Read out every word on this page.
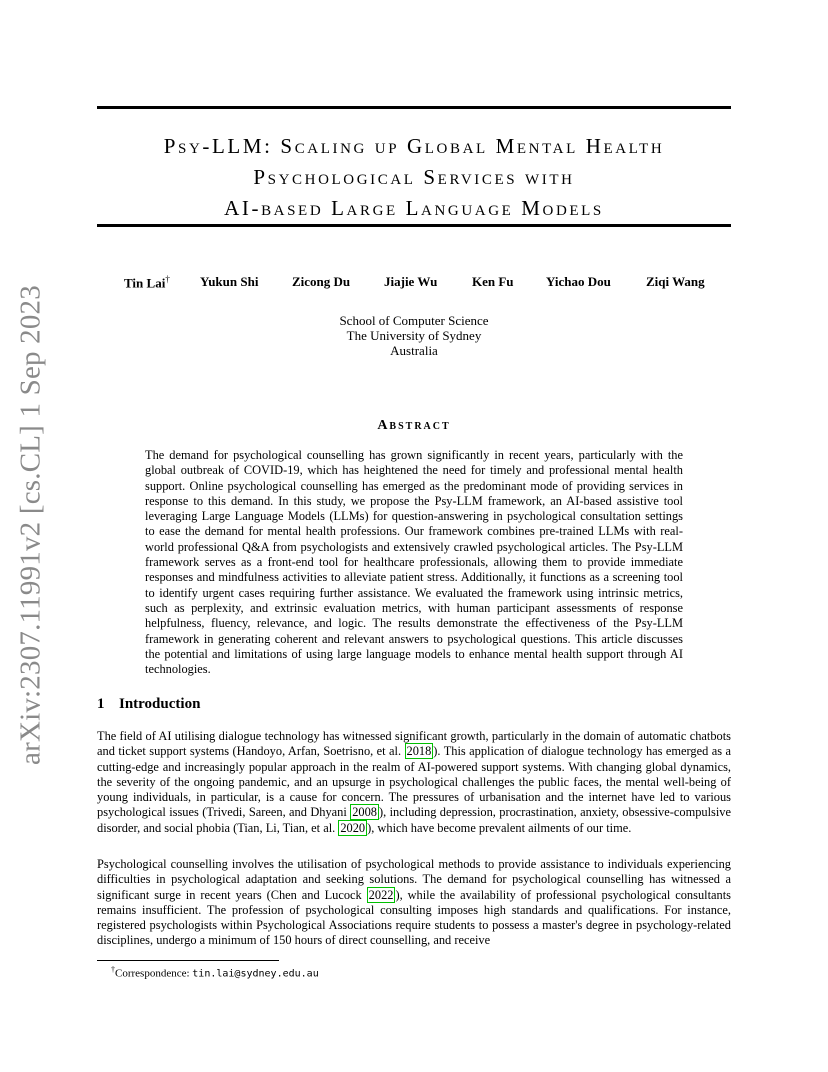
arXiv:2307.11991v2 [cs.CL] 1 Sep 2023
Psy-LLM: Scaling up Global Mental Health
Psychological Services with
AI-based Large Language Models
Tin Lai† Yukun Shi	Zicong Du	Jiajie Wu	Ken Fu Yichao Dou	Ziqi Wang
School of Computer Science
The University of Sydney
Australia
Abstract

The demand for psychological counselling has grown significantly in recent years, particularly with the global outbreak of COVID-19, which has heightened the need for timely and professional mental health support. Online psychological counselling has emerged as the predominant mode of providing services in response to this demand. In this study, we propose the Psy-LLM framework, an AI-based assistive tool leveraging Large Language Models (LLMs) for question-answering in psychological consultation settings to ease the demand for mental health professions. Our framework combines pre-trained LLMs with real-world professional Q&A from psychologists and extensively crawled psychological articles. The Psy-LLM framework serves as a front-end tool for healthcare professionals, allowing them to provide immediate responses and mindfulness activities to alleviate patient stress. Additionally, it functions as a screening tool to identify urgent cases requiring further assistance. We evaluated the framework using intrinsic metrics, such as perplexity, and extrinsic evaluation metrics, with human participant assessments of response helpfulness, fluency, relevance, and logic. The results demonstrate the effectiveness of the Psy-LLM framework in generating coherent and relevant answers to psychological questions. This article discusses the potential and limitations of using large language models to enhance mental health support through AI technologies.

1 Introduction

The field of AI utilising dialogue technology has witnessed significant growth, particularly in the domain of automatic chatbots and ticket support systems (Handoyo, Arfan, Soetrisno, et al. 2018 ). This application of dialogue technology has emerged as a cutting-edge and increasingly popular approach in the realm of AI-powered support systems. With changing global dynamics, the severity of the ongoing pandemic, and an upsurge in psychological challenges the public faces, the mental well-being of young individuals, in particular, is a cause for concern. The pressures of urbanisation and the internet have led to various psychological issues (Trivedi, Sareen, and Dhyani 2008 ), including depression, procrastination, anxiety, obsessive-compulsive disorder, and social phobia (Tian, Li, Tian, et al. 2020 ), which have become prevalent ailments of our time.

Psychological counselling involves the utilisation of psychological methods to provide assistance to individuals experiencing difficulties in psychological adaptation and seeking solutions. The demand for psychological counselling has witnessed a significant surge in recent years (Chen and Lucock 2022 ), while the availability of professional psychological consultants remains insufficient. The profession of psychological consulting imposes high standards and qualifications. For instance, registered psychologists within Psychological Associations require students to possess a master's degree in psychology-related disciplines, undergo a minimum of 150 hours of direct counselling, and receive

†Correspondence: tin.lai@sydney.edu.au
